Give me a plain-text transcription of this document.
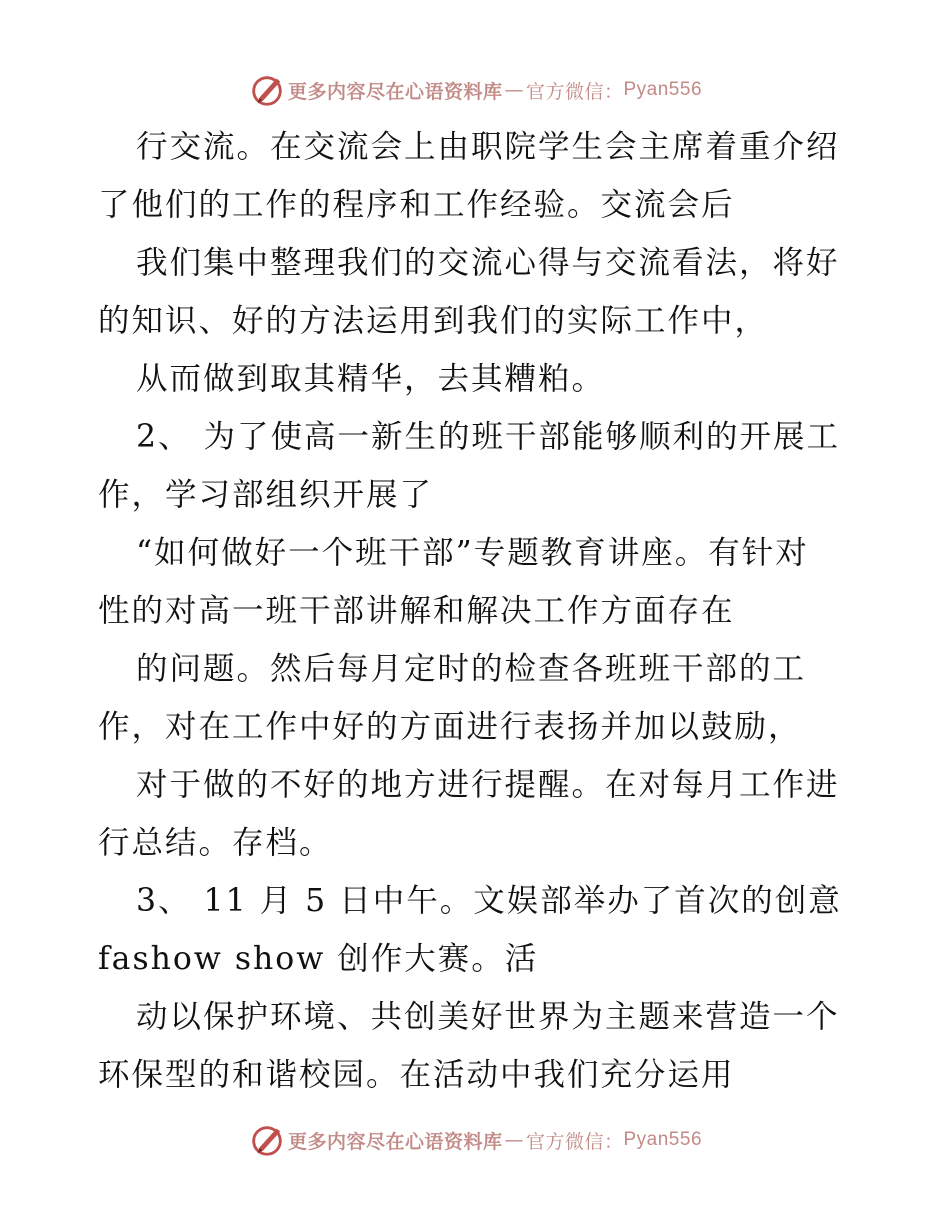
更多内容尽在心语资料库 — 官方微信： Pyan556
行交流。在交流会上由职院学生会主席着重介绍
了他们的工作的程序和工作经验。交流会后
我们集中整理我们的交流心得与交流看法，将好
的知识、好的方法运用到我们的实际工作中，
从而做到取其精华，去其糟粕。
2、 为了使高一新生的班干部能够顺利的开展工
作，学习部组织开展了
“如何做好一个班干部”专题教育讲座。有针对
性的对高一班干部讲解和解决工作方面存在
的问题。然后每月定时的检查各班班干部的工
作，对在工作中好的方面进行表扬并加以鼓励，
对于做的不好的地方进行提醒。在对每月工作进
行总结。存档。
3、 11 月 5 日中午。文娱部举办了首次的创意
fashow show 创作大赛。活
动以保护环境、共创美好世界为主题来营造一个
环保型的和谐校园。在活动中我们充分运用
更多内容尽在心语资料库 — 官方微信： Pyan556
